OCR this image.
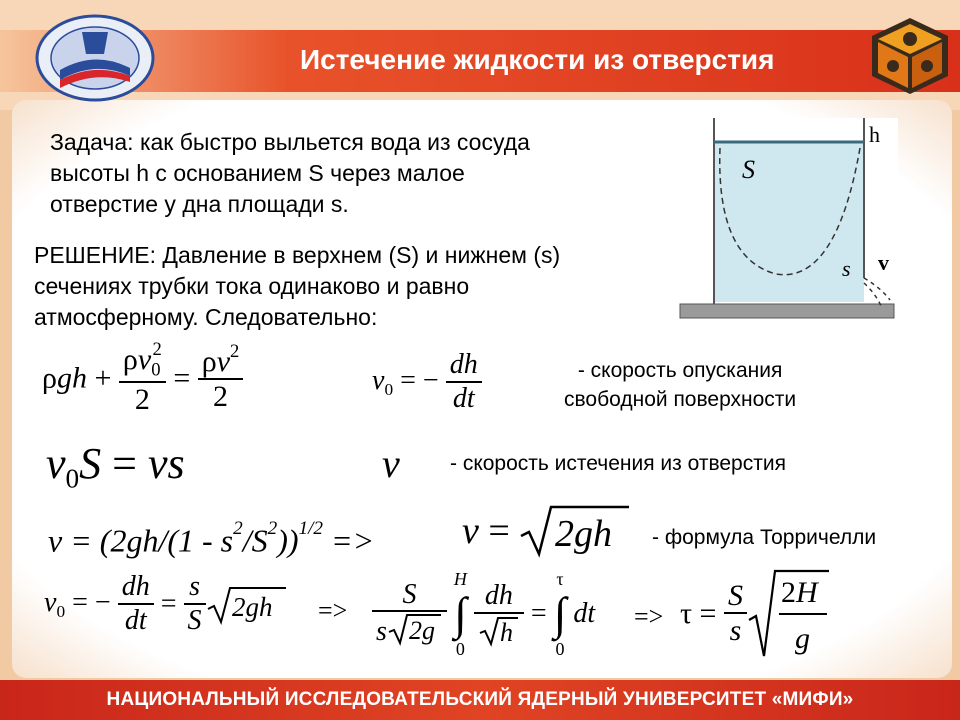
Истечение жидкости из отверстия
Задача: как быстро выльется вода из сосуда
высоты h с основанием S через малое
отверстие у дна площади s.
РЕШЕНИЕ: Давление в верхнем (S) и нижнем (s)
сечениях трубки тока одинаково и равно
атмосферному. Следовательно:
S
h
s v
$\rho gh + \frac{\rho v_0^2}{2} = \frac{\rho v^2}{2}$	$v_0$ = − $\frac{dh}{dt}$	- скорость опускания
свободной поверхности
$v_0S$ = vs	v - скорость истечения из отверстия
$v = (2gh/(1 - s^2/S^2))^{1/2} => v = 2gh$ - формула Торричелли
$v_0$ = − $\frac{dh}{dt} = \frac{s}{S} 2gh => \frac{S}{s 2g}$

H
∫
0

$\frac{dh}{h}$ =
τ
∫
0
dt => $\tau = \frac{S}{s} 2H$
g
НАЦИОНАЛЬНЫЙ ИССЛЕДОВАТЕЛЬСКИЙ ЯДЕРНЫЙ УНИВЕРСИТЕТ «МИФИ»
